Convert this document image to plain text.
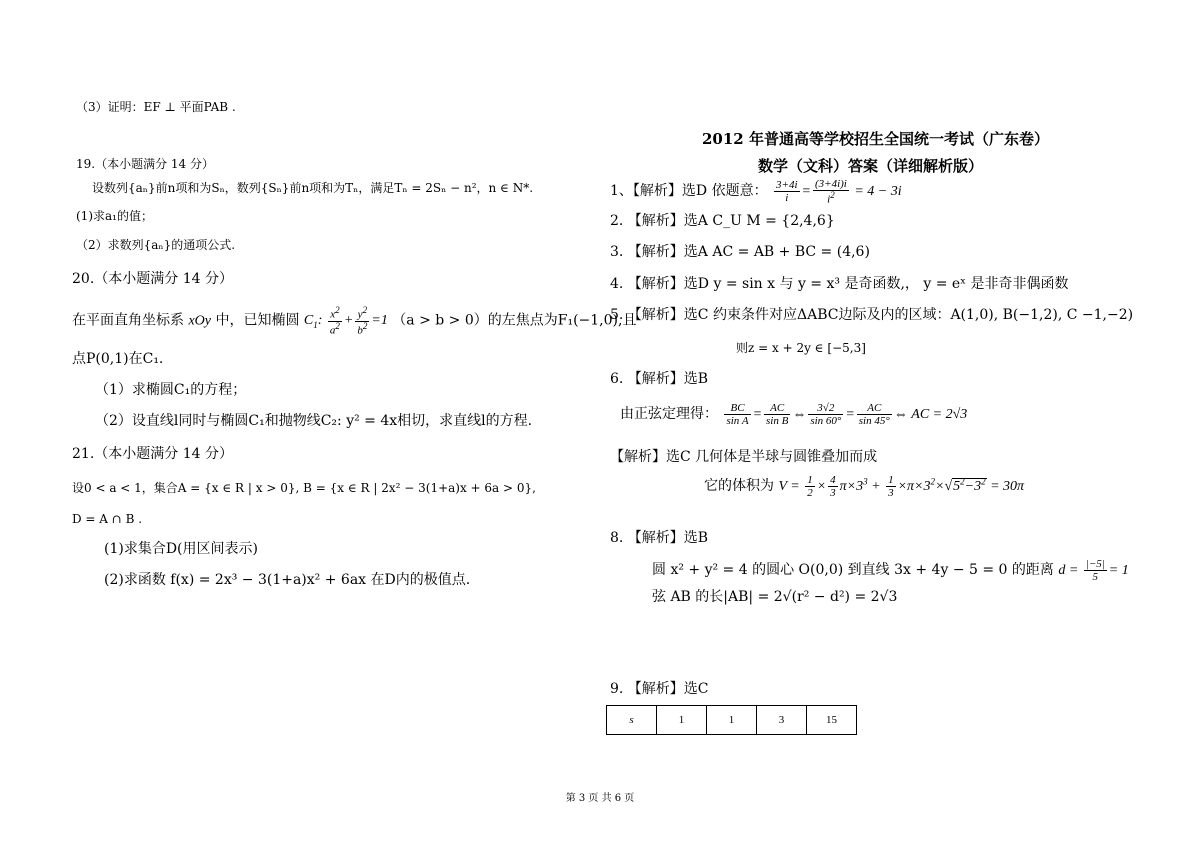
（3）证明：EF ⊥ 平面PAB .
19.（本小题满分 14 分）
设数列{aₙ}前n项和为Sₙ，数列{Sₙ}前n项和为Tₙ，满足Tₙ = 2Sₙ − n²，n ∈ N*.
(1)求a₁的值；
（2）求数列{aₙ}的通项公式.
20.（本小题满分 14 分）
在平面直角坐标系 xOy 中，已知椭圆 $C_1$: $\frac{x^2}{a^2} + \frac{y^2}{b^2} =1$ （a > b > 0）的左焦点为F₁(−1,0),且
点P(0,1)在C₁.
（1）求椭圆C₁的方程；
（2）设直线l同时与椭圆C₁和抛物线C₂: y² = 4x相切，求直线l的方程.
21.（本小题满分 14 分）
设0 < a < 1，集合A = {x ∈ R | x > 0}, B = {x ∈ R | 2x² − 3(1+a)x + 6a > 0},
D = A ∩ B .
(1)求集合D(用区间表示)
(2)求函数 f(x) = 2x³ − 3(1+a)x² + 6ax 在D内的极值点.
2012 年普通高等学校招生全国统一考试（广东卷）
数学（文科）答案（详细解析版）
1、【解析】选D 依题意： $\frac{3+4i}{i} = \frac{(3+4i)i}{i^2} = 4 - 3i$
2. 【解析】选A C_U M = {2,4,6}
3. 【解析】选A AC = AB + BC = (4,6)
4. 【解析】选D y = sin x 与 y = x³ 是奇函数,， y = eˣ 是非奇非偶函数
5. 【解析】选C 约束条件对应ΔABC边际及内的区域：A(1,0), B(−1,2), C −1,−2)
则z = x + 2y ∈ [−5,3]
6. 【解析】选B
由正弦定理得： $\frac{BC}{\text{sin A}} = \frac{AC}{\text{sin B}}$ ⇔ $\frac{3√2}{\sin 60^\circ} = \frac{AC}{\sin 45^\circ}$ ⇔ AC = 2√3
【解析】选C 几何体是半球与圆锥叠加而成
它的体积为 $V = \frac{1}{2} \times \frac{4}{3} \pi\times 3^3 + \frac{1}{3} \times\pi\times 3^2\times√5^2-3^2 = 30\pi$
8. 【解析】选B
圆 x² + y² = 4 的圆心 O(0,0) 到直线 3x + 4y − 5 = 0 的距离 $d = \frac{|-5|}{5} = 1$
弦 AB 的长|AB| = 2√(r² − d²) = 2√3
9. 【解析】选C
s	1	1	3	15
第 3 页 共 6 页
